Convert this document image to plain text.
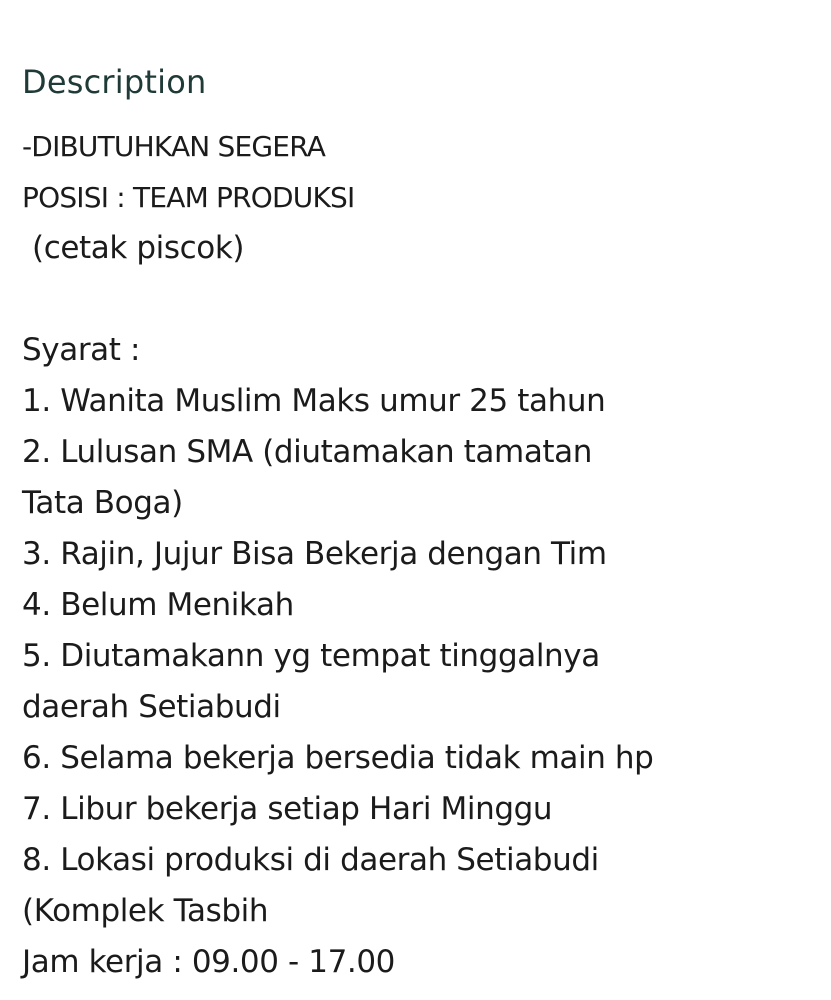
Description
-DIBUTUHKAN SEGERA
POSISI : TEAM PRODUKSI
(cetak piscok)
Syarat :
1. Wanita Muslim Maks umur 25 tahun
2. Lulusan SMA (diutamakan tamatan
Tata Boga)
3. Rajin, Jujur Bisa Bekerja dengan Tim
4. Belum Menikah
5. Diutamakann yg tempat tinggalnya
daerah Setiabudi
6. Selama bekerja bersedia tidak main hp
7. Libur bekerja setiap Hari Minggu
8. Lokasi produksi di daerah Setiabudi
(Komplek Tasbih
Jam kerja : 09.00 - 17.00
